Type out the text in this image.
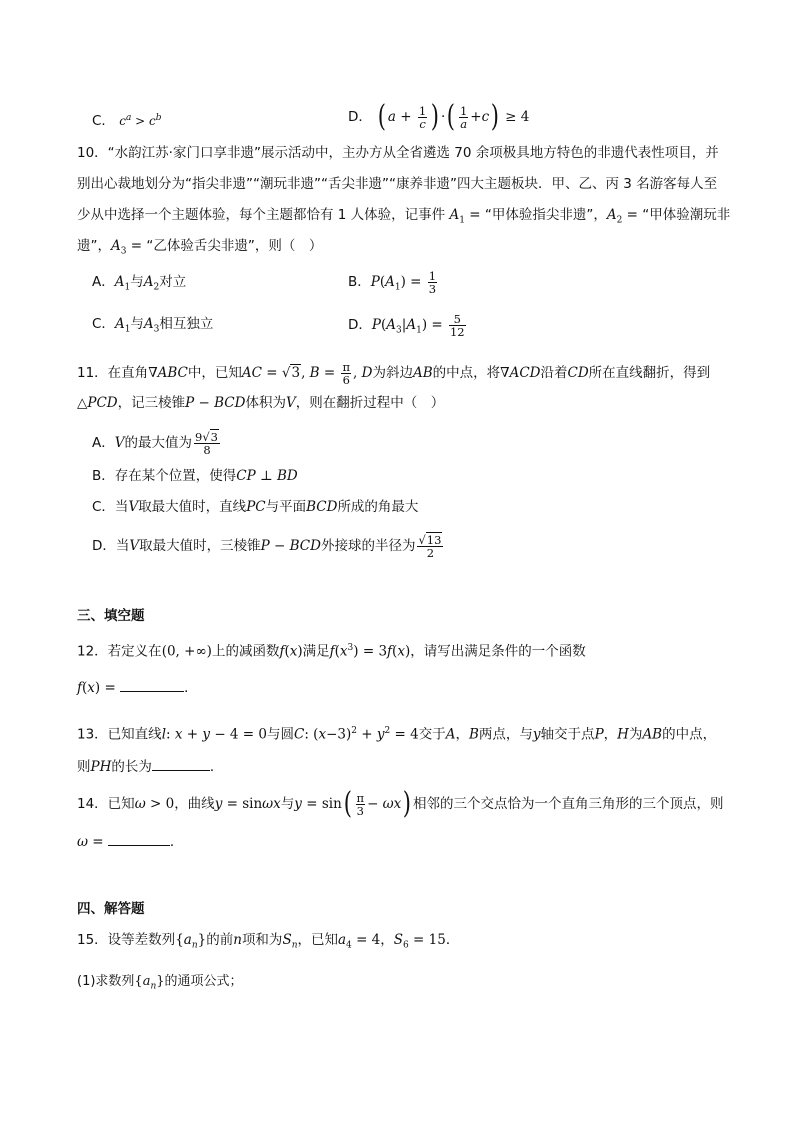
C． $c^a > c^b$	D． ( $a + \frac{1}{c}$ ) ·( $\frac{1}{a} +c) \ge 4$
10．“水韵江苏·家门口享非遗”展示活动中，主办方从全省遴选 70 余项极具地方特色的非遗代表性项目，并
别出心裁地划分为“指尖非遗”“潮玩非遗”“舌尖非遗”“康养非遗”四大主题板块．甲、乙、丙 3 名游客每人至
少从中选择一个主题体验，每个主题都恰有 1 人体验，记事件 $A_1$ = “甲体验指尖非遗”，$A_2$ = “甲体验潮玩非
遗”，$A_3$ = “乙体验舌尖非遗”，则（　）
A．$A_1$与$A_2$对立	B．$P(A_1) = \frac{1}{3}$
C．$A_1$与$A_3$相互独立	D．$P(A_3|A_1) = \frac{5}{12}$
11．在直角∇ABC中，已知AC = √3, $B = \frac{\pi}{6}$ , D为斜边AB的中点，将∇ACD沿着CD所在直线翻折，得到
△PCD，记三棱锥P − BCD体积为V，则在翻折过程中（　）
A．V的最大值为 $\frac{9√3}{8}$
B．存在某个位置，使得CP ⊥ BD
C．当V取最大值时，直线PC与平面BCD所成的角最大
D．当V取最大值时，三棱锥P − BCD外接球的半径为 $\frac{√13}{2}$
三、填空题
12．若定义在(0, +∞)上的减函数f(x)满足$f(x^3) = 3f(x)$，请写出满足条件的一个函数
f(x) =	．
13．已知直线l: x + y − 4 = 0与圆C: $(x-3)^2 + y^2 = 4$交于A，B两点，与y轴交于点P，H为AB的中点，
则PH的长为	．
14．已知ω > 0，曲线y = sinωx与$y = \sin( \frac{\pi}{3} - \omega x)$ 相邻的三个交点恰为一个直角三角形的三个顶点，则
ω =	．
四、解答题
15．设等差数列$\{a_n\}$的前n项和为$S_n$，已知$a_4 = 4$，$S_6 = 15$．
(1)求数列$\{a_n\}$的通项公式；
